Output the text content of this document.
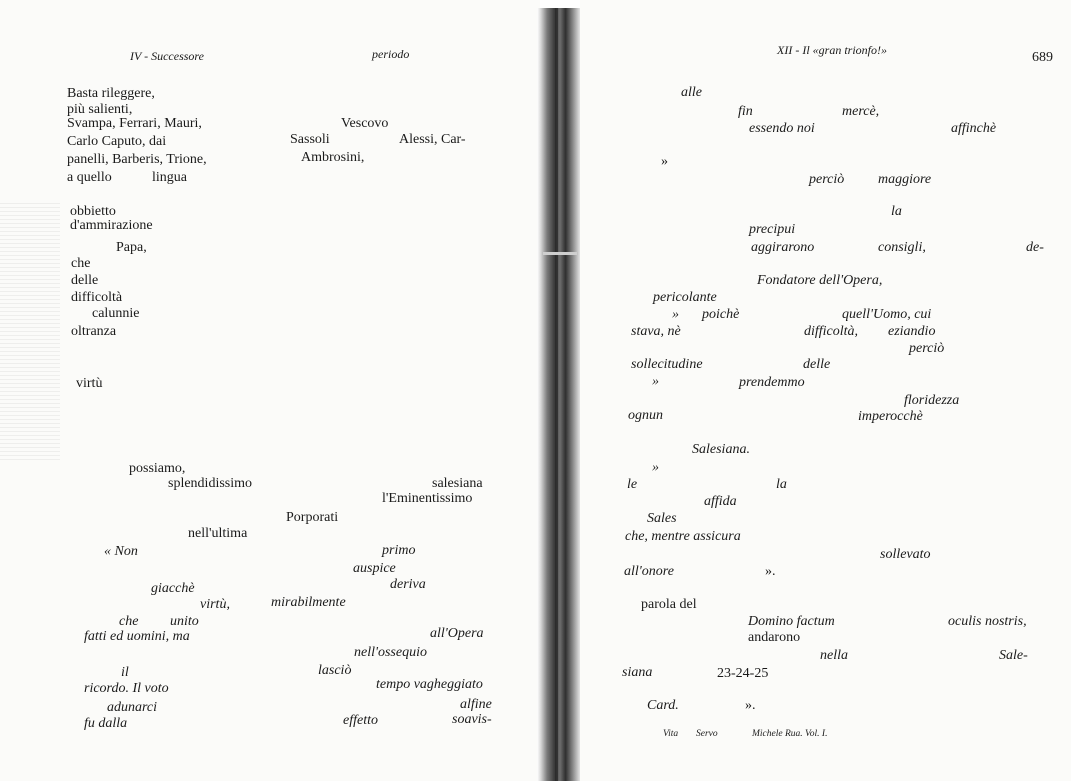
IV - Successore	periodo
Basta rileggere,
più salienti,
Svampa, Ferrari, Mauri,	Vescovo
Carlo Caputo, dai	Sassoli	Alessi, Car-
panelli, Barberis, Trione,	Ambrosini,
a quello	lingua
obbietto
d'ammirazione
Papa,
che
delle
difficoltà
calunnie
oltranza
virtù
possiamo,
splendidissimo	salesiana
l'Eminentissimo
Porporati
nell'ultima
« Non	primo
auspice
giacchè	deriva
virtù,	mirabilmente
che unito
fatti ed uomini, ma	all'Opera
nell'ossequio
il	lasciò
ricordo. Il voto	tempo vagheggiato
alfine
adunarci
fu dalla	effetto	soavis-
XII - Il «gran trionfo!»	689
alle
fin	mercè,
essendo noi	affinchè
»
perciò maggiore
la
precipui
aggirarono	consigli,	de-
Fondatore dell'Opera,
pericolante
» poichè	quell'Uomo, cui
stava, nè	difficoltà, eziandio
perciò
sollecitudine	delle
»	prendemmo
floridezza
ognun	imperocchè
Salesiana.
»
le	la
affida
Sales
che, mentre assicura
sollevato
all'onore	».
parola del
Domino factum	oculis nostris,
andarono
nella	Sale-
siana	23-24-25
Card.	».
Vita Servo	Michele Rua. Vol. I.
